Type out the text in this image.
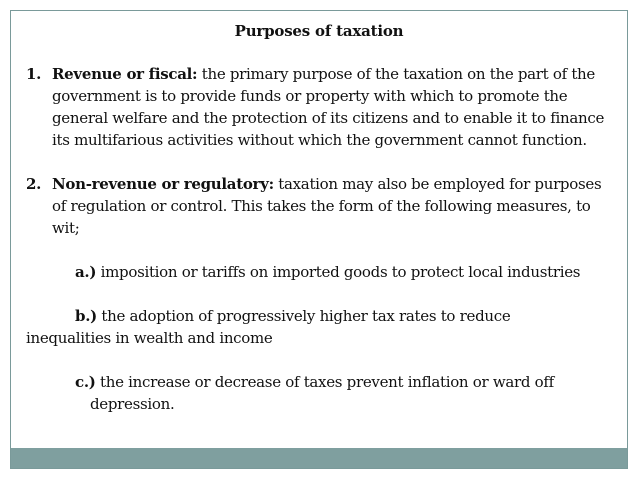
Purposes of taxation
1. Revenue or fiscal: the primary purpose of the taxation on the part of the government is to provide funds or property with which to promote the general welfare and the protection of its citizens and to enable it to finance its multifarious activities without which the government cannot function.
2. Non-revenue or regulatory: taxation may also be employed for purposes of regulation or control. This takes the form of the following measures, to wit;
a.) imposition or tariffs on imported goods to protect local industries
b.) the adoption of progressively higher tax rates to reduce
inequalities in wealth and income
c.) the increase or decrease of taxes prevent inflation or ward off
depression.
